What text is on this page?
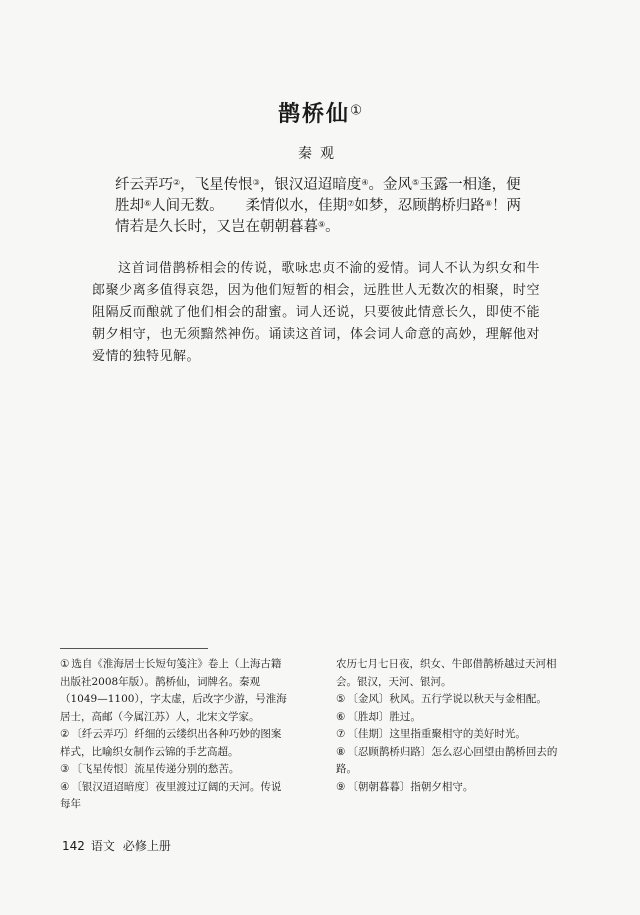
鹊桥仙①
秦观
纤云弄巧②，飞星传恨③，银汉迢迢暗度④。金风⑤玉露一相逢，便胜却⑥人间无数。 柔情似水，佳期⑦如梦，忍顾鹊桥归路⑧！两情若是久长时，又岂在朝朝暮暮⑨。
这首词借鹊桥相会的传说，歌咏忠贞不渝的爱情。词人不认为织女和牛郎聚少离多值得哀怨，因为他们短暂的相会，远胜世人无数次的相聚，时空阻隔反而酿就了他们相会的甜蜜。词人还说，只要彼此情意长久，即使不能朝夕相守，也无须黯然神伤。诵读这首词，体会词人命意的高妙，理解他对爱情的独特见解。

① 选自《淮海居士长短句笺注》卷上（上海古籍出版社2008年版）。鹊桥仙，词牌名。秦观（1049—1100），字太虚，后改字少游，号淮海居士，高邮（今属江苏）人，北宋文学家。

② 〔纤云弄巧〕纤细的云缕织出各种巧妙的图案样式，比喻织女制作云锦的手艺高超。

③ 〔飞星传恨〕流星传递分别的愁苦。

④ 〔银汉迢迢暗度〕夜里渡过辽阔的天河。传说每年

农历七月七日夜，织女、牛郎借鹊桥越过天河相会。银汉，天河、银河。

⑤ 〔金风〕秋风。五行学说以秋天与金相配。

⑥ 〔胜却〕胜过。

⑦ 〔佳期〕这里指重聚相守的美好时光。

⑧ 〔忍顾鹊桥归路〕怎么忍心回望由鹊桥回去的路。

⑨ 〔朝朝暮暮〕指朝夕相守。

142 语文 必修上册
